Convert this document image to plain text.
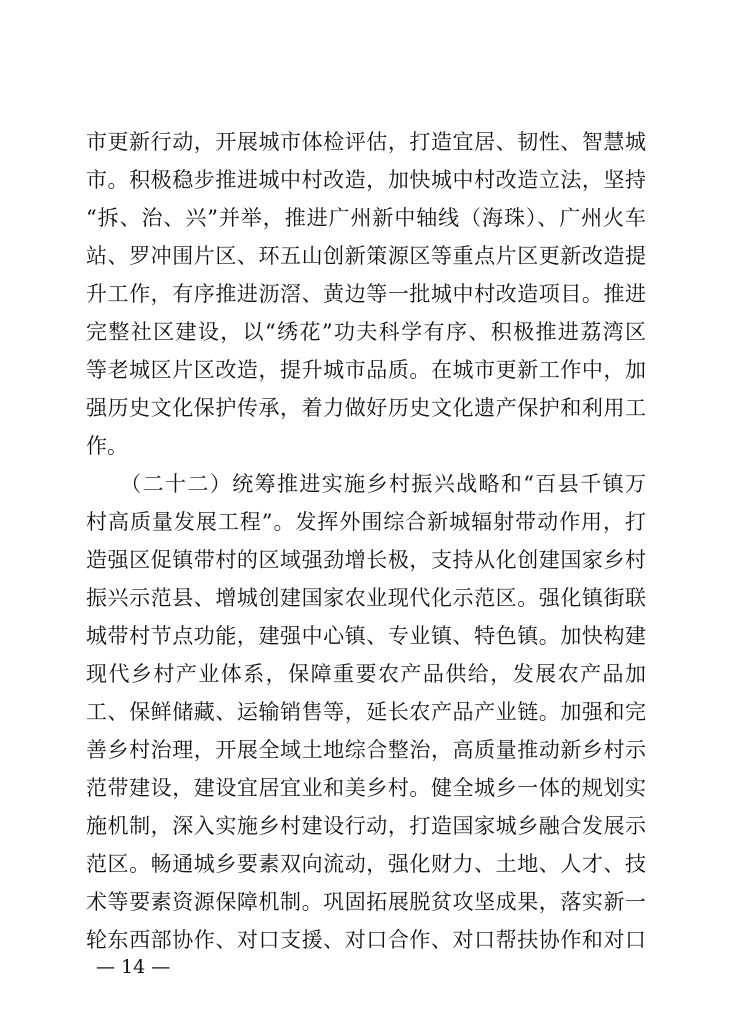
市更新行动，开展城市体检评估，打造宜居、韧性、智慧城
市。积极稳步推进城中村改造，加快城中村改造立法，坚持
“拆、治、兴”并举，推进广州新中轴线（海珠）、广州火车
站、罗冲围片区、环五山创新策源区等重点片区更新改造提
升工作，有序推进沥滘、黄边等一批城中村改造项目。推进
完整社区建设，以“绣花”功夫科学有序、积极推进荔湾区
等老城区片区改造，提升城市品质。在城市更新工作中，加
强历史文化保护传承，着力做好历史文化遗产保护和利用工
作。
　　（二十二）统筹推进实施乡村振兴战略和“百县千镇万
村高质量发展工程”。发挥外围综合新城辐射带动作用，打
造强区促镇带村的区域强劲增长极，支持从化创建国家乡村
振兴示范县、增城创建国家农业现代化示范区。强化镇街联
城带村节点功能，建强中心镇、专业镇、特色镇。加快构建
现代乡村产业体系，保障重要农产品供给，发展农产品加
工、保鲜储藏、运输销售等，延长农产品产业链。加强和完
善乡村治理，开展全域土地综合整治，高质量推动新乡村示
范带建设，建设宜居宜业和美乡村。健全城乡一体的规划实
施机制，深入实施乡村建设行动，打造国家城乡融合发展示
范区。畅通城乡要素双向流动，强化财力、土地、人才、技
术等要素资源保障机制。巩固拓展脱贫攻坚成果，落实新一
轮东西部协作、对口支援、对口合作、对口帮扶协作和对口
— 14 —
